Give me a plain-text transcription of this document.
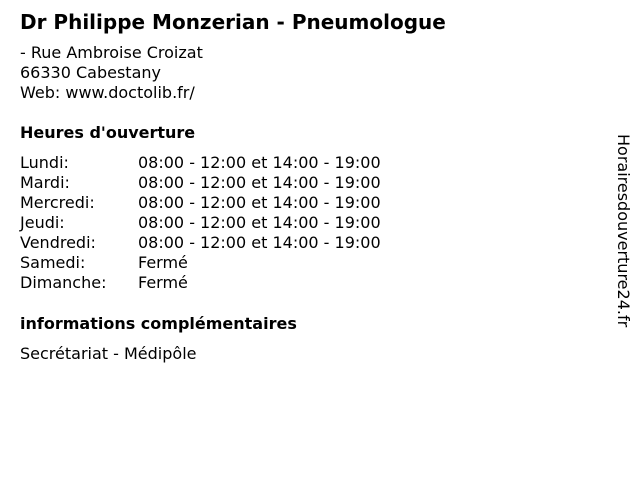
Dr Philippe Monzerian - Pneumologue
- Rue Ambroise Croizat
66330 Cabestany
Web: www.doctolib.fr/
Heures d'ouverture
Lundi:	08:00 - 12:00 et 14:00 - 19:00
Mardi:	08:00 - 12:00 et 14:00 - 19:00
Mercredi:	08:00 - 12:00 et 14:00 - 19:00
Jeudi:	08:00 - 12:00 et 14:00 - 19:00
Vendredi:	08:00 - 12:00 et 14:00 - 19:00
Samedi:	Fermé
Dimanche: Fermé
informations complémentaires
Secrétariat - Médipôle
Horairesdouverture24.fr
